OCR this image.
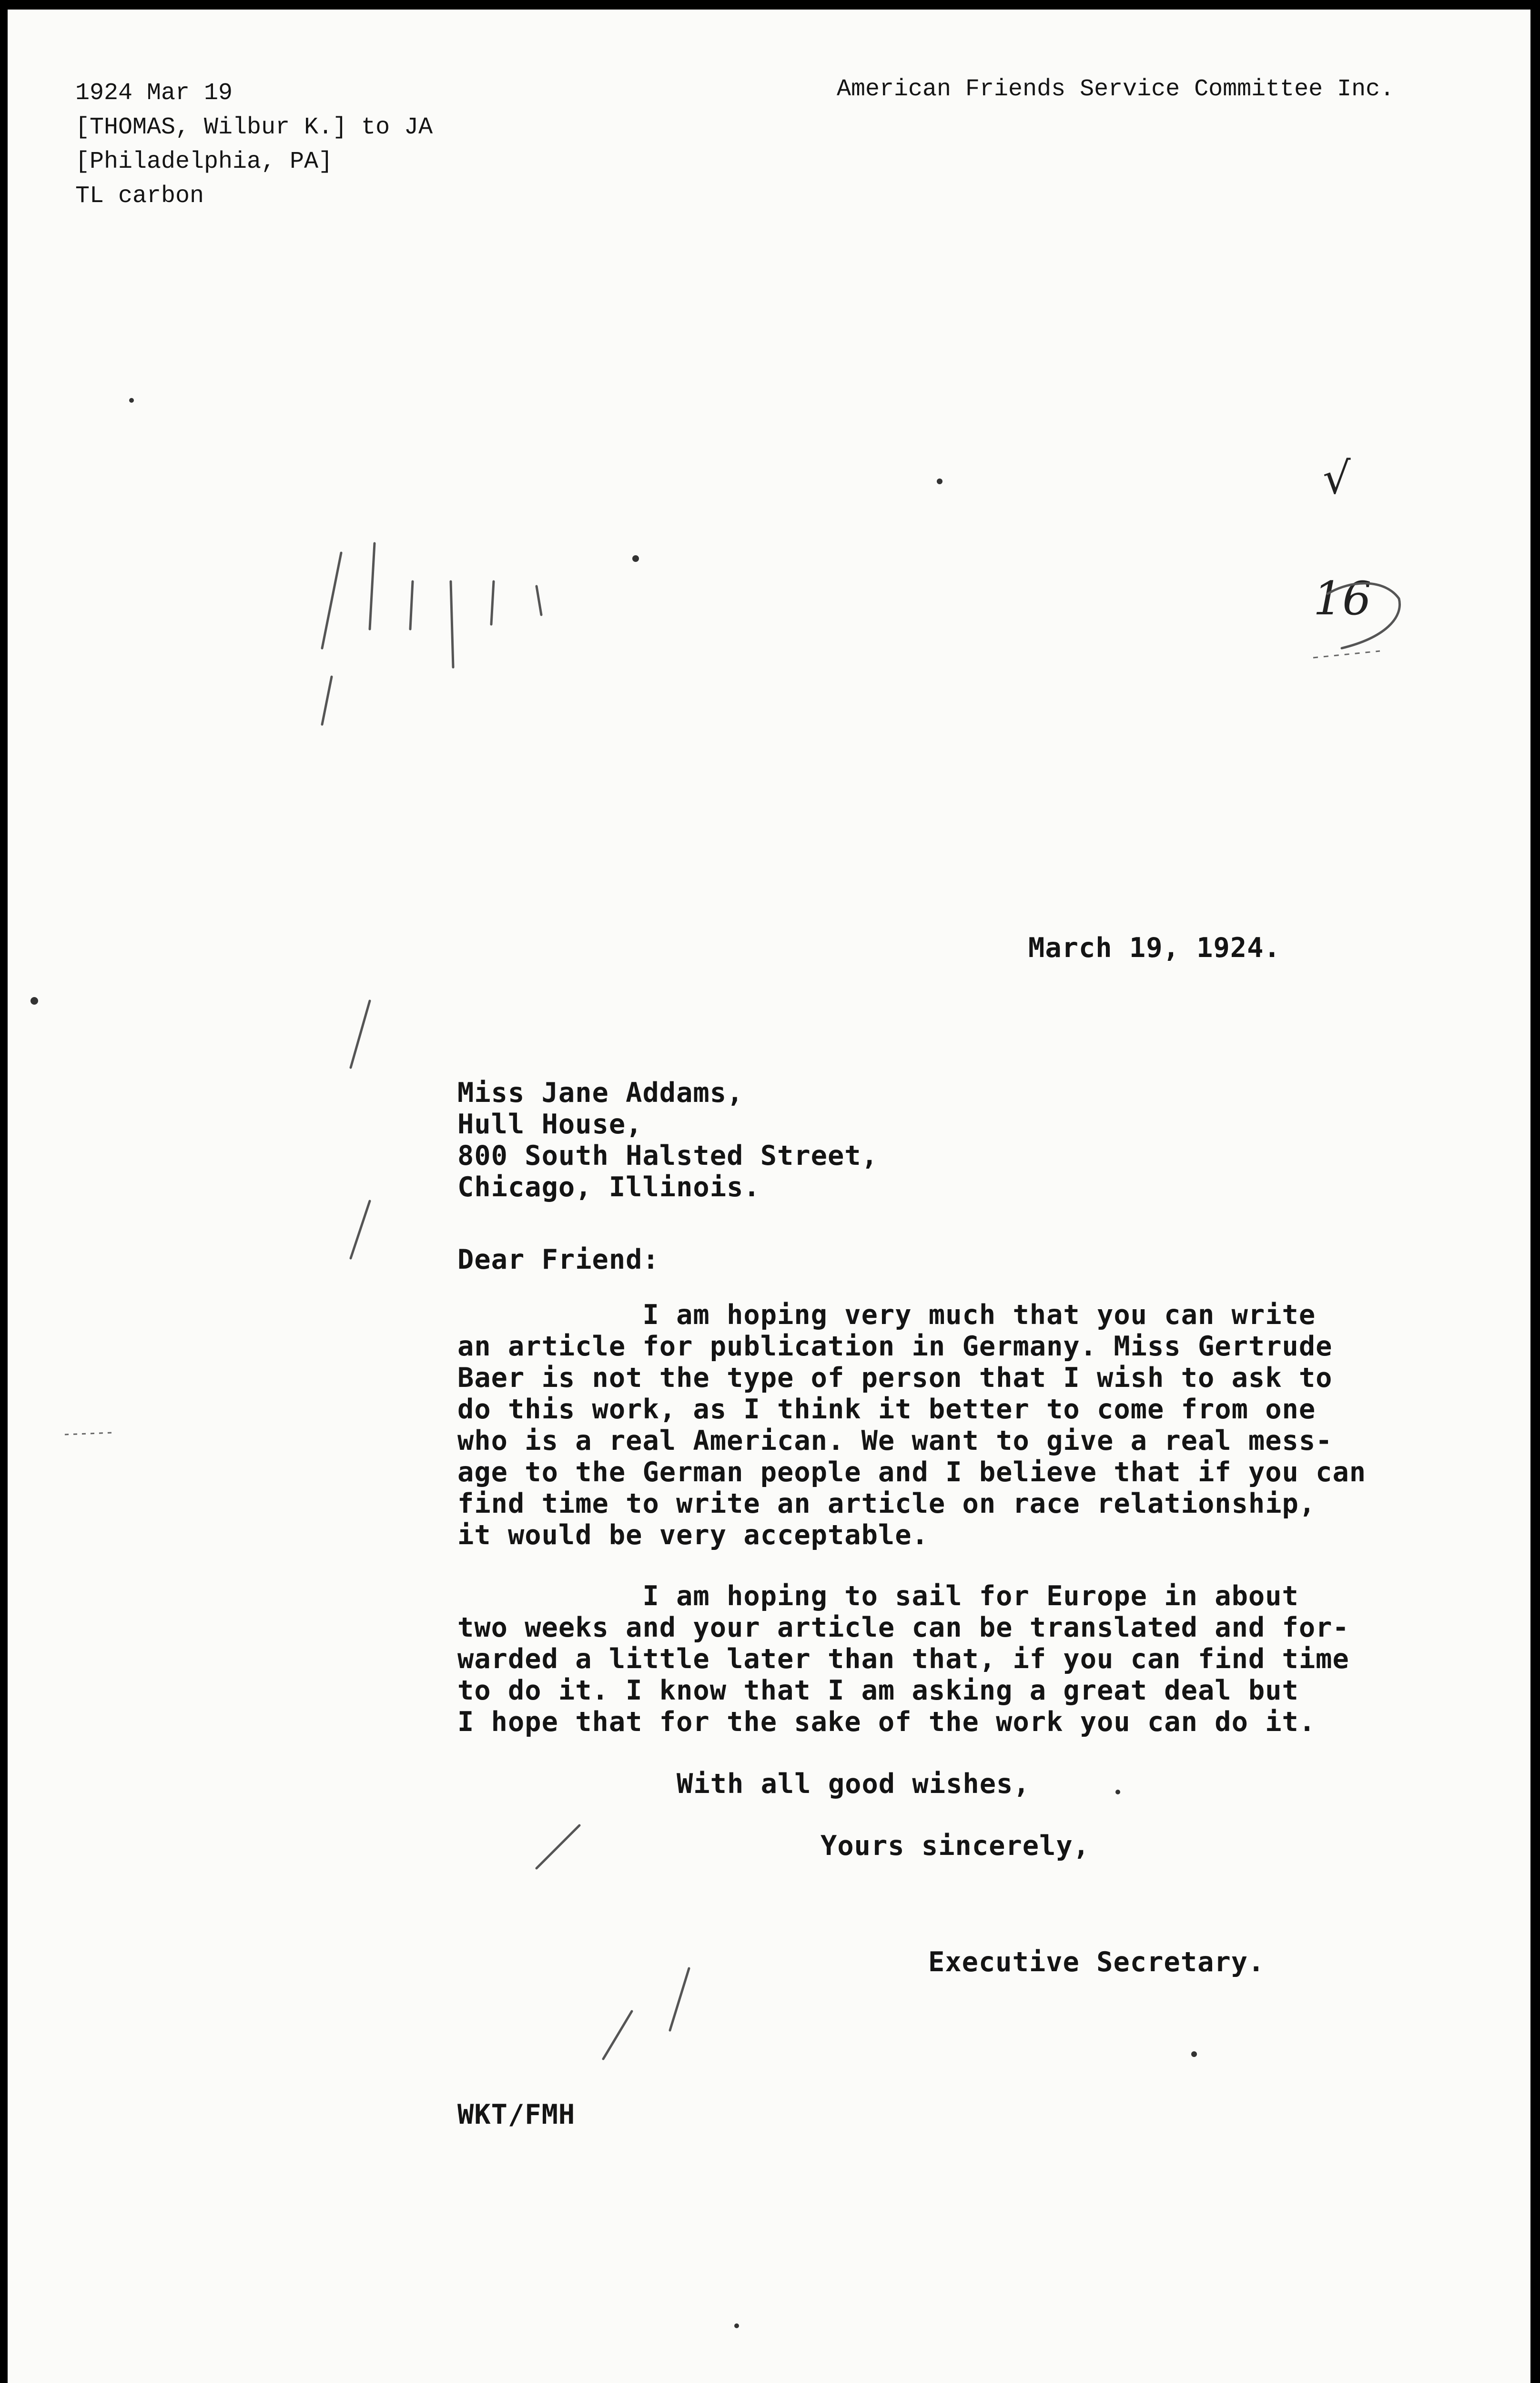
1924 Mar 19
[THOMAS, Wilbur K.] to JA
[Philadelphia, PA]
TL carbon
American Friends Service Committee Inc.
March 19, 1924.
Miss Jane Addams,
Hull House,
800 South Halsted Street,
Chicago, Illinois.
Dear Friend:
I am hoping very much that you can write
an article for publication in Germany. Miss Gertrude
Baer is not the type of person that I wish to ask to
do this work, as I think it better to come from one
who is a real American. We want to give a real mess-
age to the German people and I believe that if you can
find time to write an article on race relationship,
it would be very acceptable.
I am hoping to sail for Europe in about
two weeks and your article can be translated and for-
warded a little later than that, if you can find time
to do it. I know that I am asking a great deal but
I hope that for the sake of the work you can do it.
With all good wishes,
Yours sincerely,
Executive Secretary.
WKT/FMH
√
16
